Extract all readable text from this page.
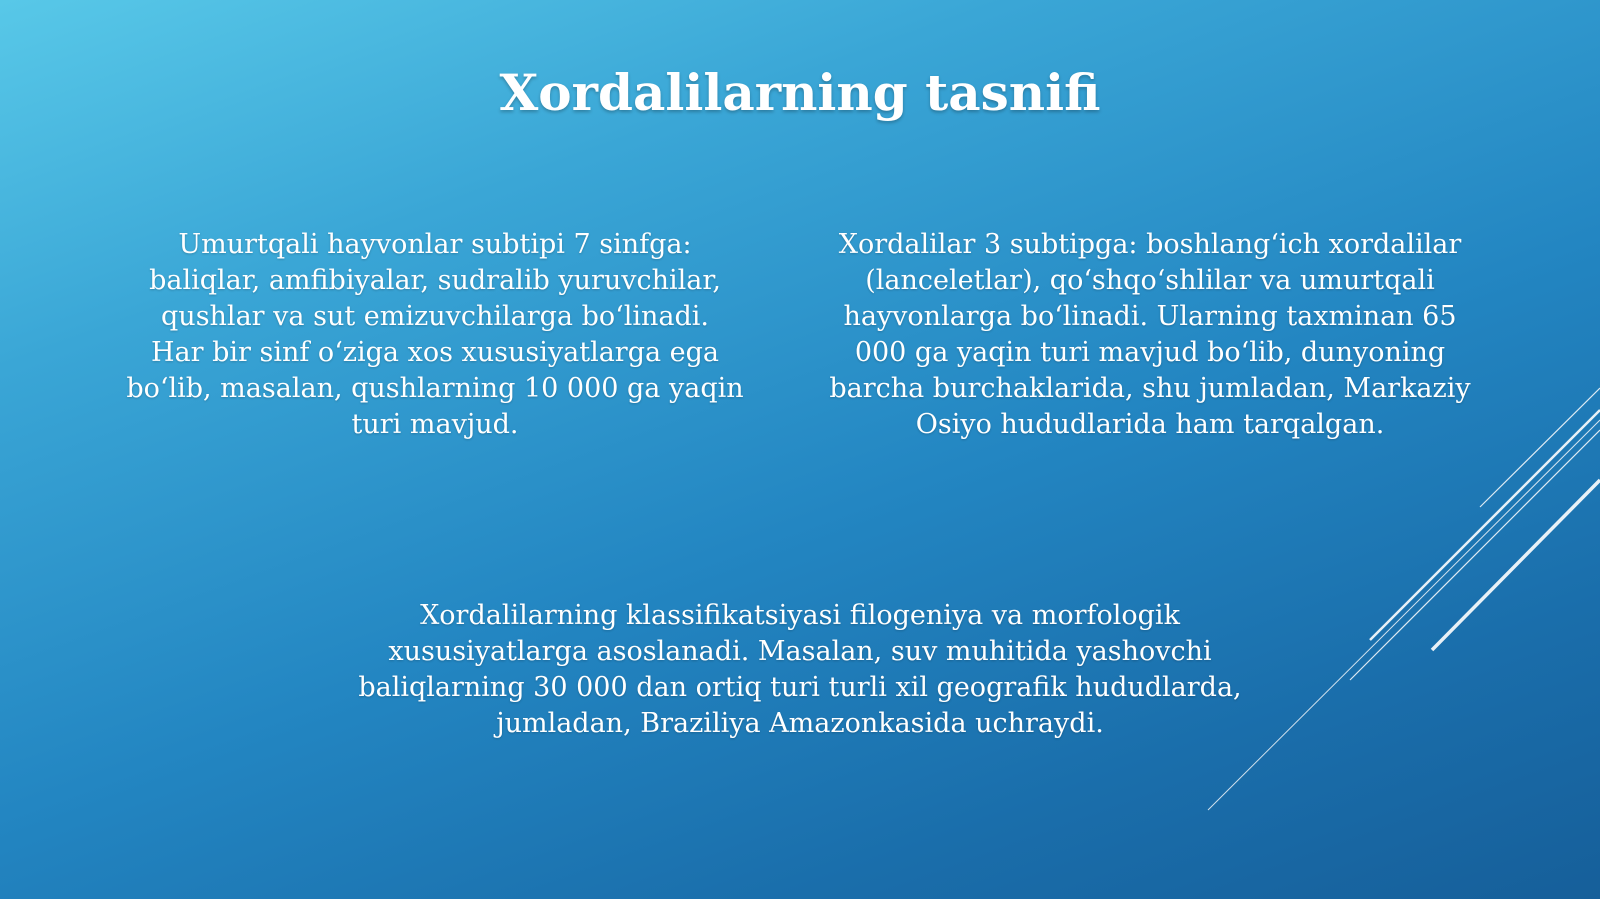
Xordalilarning tasnifi
Umurtqali hayvonlar subtipi 7 sinfga:
baliqlar, amfibiyalar, sudralib yuruvchilar,
qushlar va sut emizuvchilarga bo‘linadi.
Har bir sinf o‘ziga xos xususiyatlarga ega
bo‘lib, masalan, qushlarning 10 000 ga yaqin
turi mavjud.
Xordalilar 3 subtipga: boshlang‘ich xordalilar
(lanceletlar), qo‘shqo‘shlilar va umurtqali
hayvonlarga bo‘linadi. Ularning taxminan 65
000 ga yaqin turi mavjud bo‘lib, dunyoning
barcha burchaklarida, shu jumladan, Markaziy
Osiyo hududlarida ham tarqalgan.
Xordalilarning klassifikatsiyasi filogeniya va morfologik
xususiyatlarga asoslanadi. Masalan, suv muhitida yashovchi
baliqlarning 30 000 dan ortiq turi turli xil geografik hududlarda,
jumladan, Braziliya Amazonkasida uchraydi.
